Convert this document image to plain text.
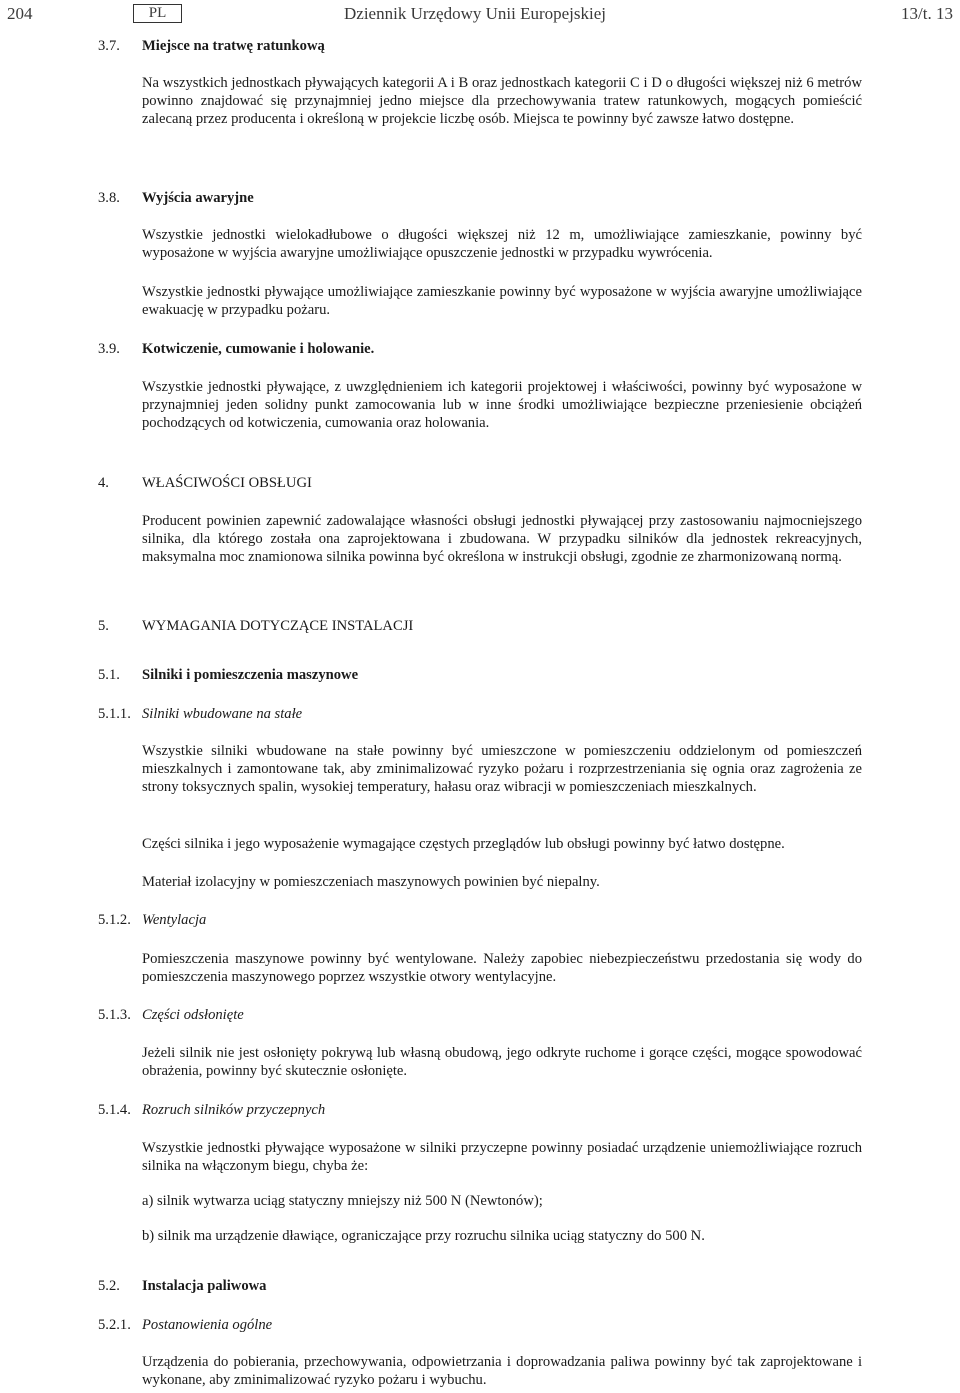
204	PL	Dziennik Urzędowy Unii Europejskiej	13/t. 13
3.7. Miejsce na tratwę ratunkową
Na wszystkich jednostkach pływających kategorii A i B oraz jednostkach kategorii C i D o długości większej niż 6 metrów powinno znajdować się przynajmniej jedno miejsce dla przechowywania tratew ratunkowych, mogących pomieścić zalecaną przez producenta i określoną w projekcie liczbę osób. Miejsca te powinny być zawsze łatwo dostępne.
3.8. Wyjścia awaryjne
Wszystkie jednostki wielokadłubowe o długości większej niż 12 m, umożliwiające zamieszkanie, powinny być wyposażone w wyjścia awaryjne umożliwiające opuszczenie jednostki w przypadku wywrócenia.
Wszystkie jednostki pływające umożliwiające zamieszkanie powinny być wyposażone w wyjścia awaryjne umożliwiające ewakuację w przypadku pożaru.
3.9. Kotwiczenie, cumowanie i holowanie.
Wszystkie jednostki pływające, z uwzględnieniem ich kategorii projektowej i właściwości, powinny być wyposażone w przynajmniej jeden solidny punkt zamocowania lub w inne środki umożliwiające bezpieczne przeniesienie obciążeń pochodzących od kotwiczenia, cumowania oraz holowania.
4. WŁAŚCIWOŚCI OBSŁUGI
Producent powinien zapewnić zadowalające własności obsługi jednostki pływającej przy zastosowaniu najmocniejszego silnika, dla którego została ona zaprojektowana i zbudowana. W przypadku silników dla jednostek rekreacyjnych, maksymalna moc znamionowa silnika powinna być określona w instrukcji obsługi, zgodnie ze zharmonizowaną normą.
5. WYMAGANIA DOTYCZĄCE INSTALACJI
5.1. Silniki i pomieszczenia maszynowe
5.1.1. Silniki wbudowane na stałe
Wszystkie silniki wbudowane na stałe powinny być umieszczone w pomieszczeniu oddzielonym od pomieszczeń mieszkalnych i zamontowane tak, aby zminimalizować ryzyko pożaru i rozprzestrzeniania się ognia oraz zagrożenia ze strony toksycznych spalin, wysokiej temperatury, hałasu oraz wibracji w pomieszczeniach mieszkalnych.
Części silnika i jego wyposażenie wymagające częstych przeglądów lub obsługi powinny być łatwo dostępne.
Materiał izolacyjny w pomieszczeniach maszynowych powinien być niepalny.
5.1.2. Wentylacja
Pomieszczenia maszynowe powinny być wentylowane. Należy zapobiec niebezpieczeństwu przedostania się wody do pomieszczenia maszynowego poprzez wszystkie otwory wentylacyjne.
5.1.3. Części odsłonięte
Jeżeli silnik nie jest osłonięty pokrywą lub własną obudową, jego odkryte ruchome i gorące części, mogące spowodować obrażenia, powinny być skutecznie osłonięte.
5.1.4. Rozruch silników przyczepnych
Wszystkie jednostki pływające wyposażone w silniki przyczepne powinny posiadać urządzenie uniemożliwiające rozruch silnika na włączonym biegu, chyba że:
a) silnik wytwarza uciąg statyczny mniejszy niż 500 N (Newtonów);
b) silnik ma urządzenie dławiące, ograniczające przy rozruchu silnika uciąg statyczny do 500 N.
5.2. Instalacja paliwowa
5.2.1. Postanowienia ogólne
Urządzenia do pobierania, przechowywania, odpowietrzania i doprowadzania paliwa powinny być tak zaprojektowane i wykonane, aby zminimalizować ryzyko pożaru i wybuchu.
